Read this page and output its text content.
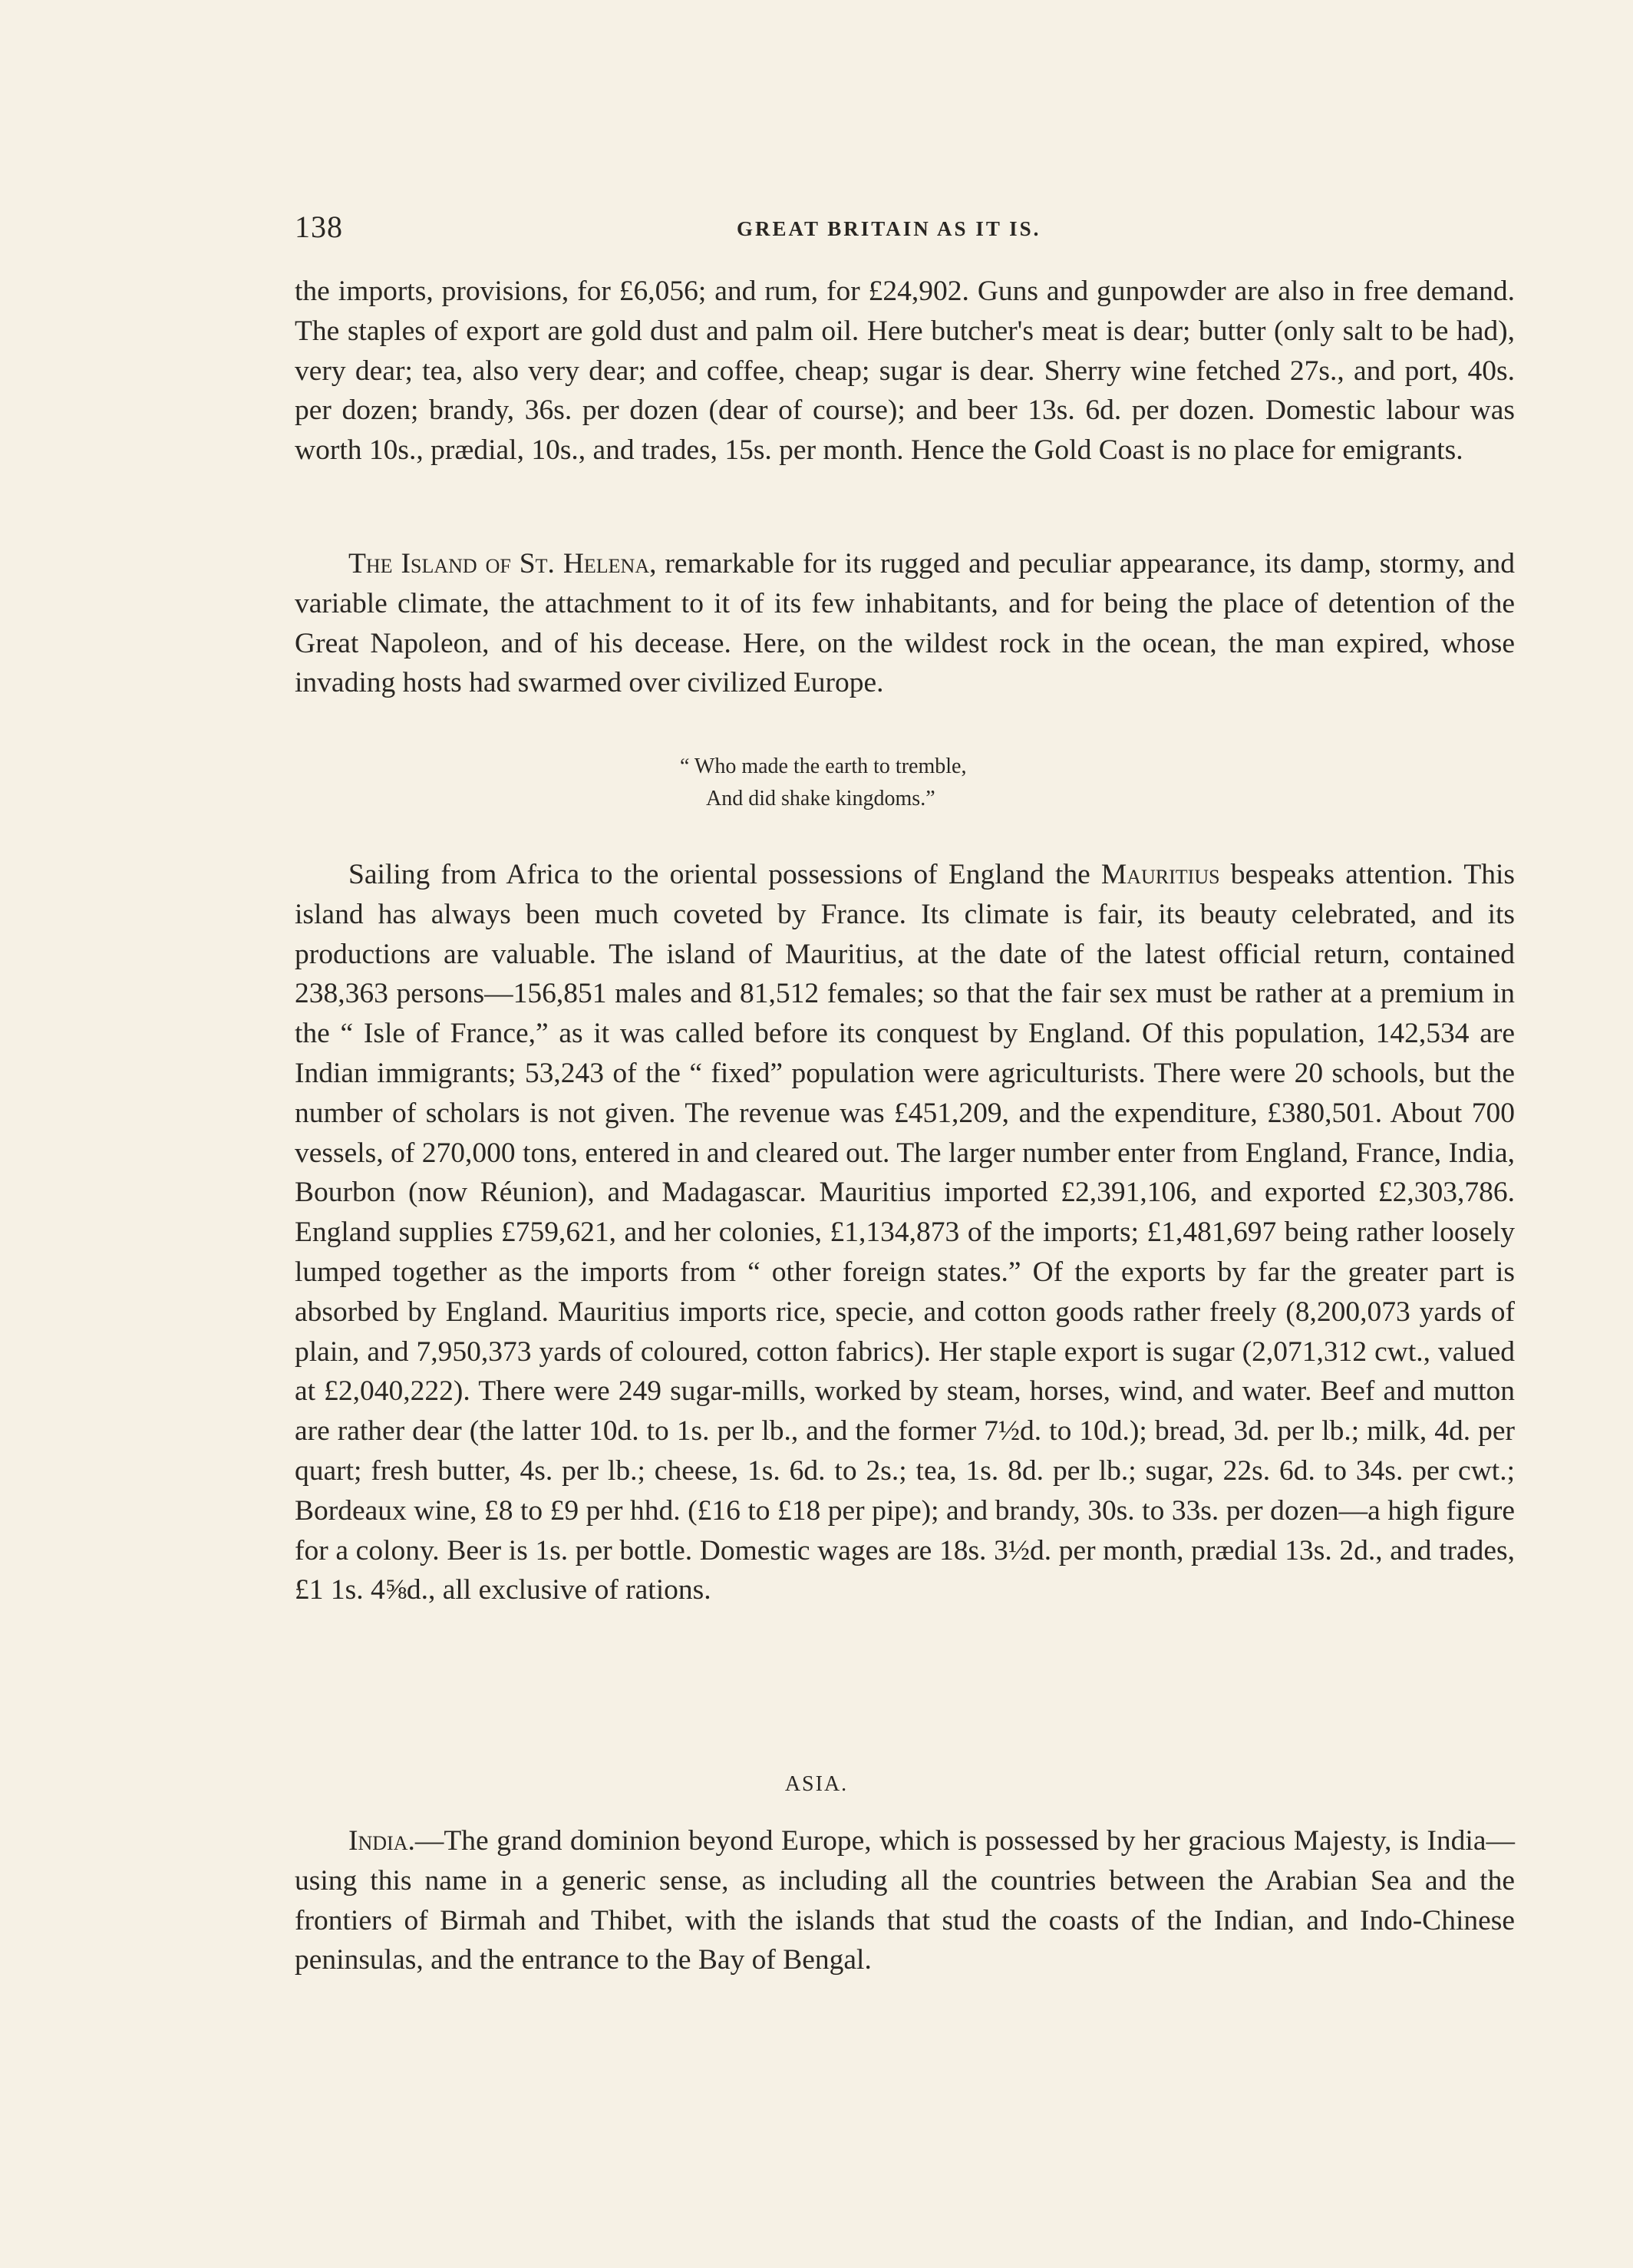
138	GREAT BRITAIN AS IT IS.

the imports, provisions, for £6,056; and rum, for £24,902. Guns and gunpowder are also in free demand. The staples of export are gold dust and palm oil. Here butcher's meat is dear; butter (only salt to be had), very dear; tea, also very dear; and coffee, cheap; sugar is dear. Sherry wine fetched 27s., and port, 40s. per dozen; brandy, 36s. per dozen (dear of course); and beer 13s. 6d. per dozen. Domestic labour was worth 10s., prædial, 10s., and trades, 15s. per month. Hence the Gold Coast is no place for emigrants.

The Island of St. Helena, remarkable for its rugged and peculiar appearance, its damp, stormy, and variable climate, the attachment to it of its few inhabitants, and for being the place of detention of the Great Napoleon, and of his decease. Here, on the wildest rock in the ocean, the man expired, whose invading hosts had swarmed over civilized Europe.

“ Who made the earth to tremble,
And did shake kingdoms.”

Sailing from Africa to the oriental possessions of England the Mauritius bespeaks attention. This island has always been much coveted by France. Its climate is fair, its beauty celebrated, and its productions are valuable. The island of Mauritius, at the date of the latest official return, contained 238,363 persons—156,851 males and 81,512 females; so that the fair sex must be rather at a premium in the “ Isle of France,” as it was called before its conquest by England. Of this population, 142,534 are Indian immigrants; 53,243 of the “ fixed” population were agriculturists. There were 20 schools, but the number of scholars is not given. The revenue was £451,209, and the expenditure, £380,501. About 700 vessels, of 270,000 tons, entered in and cleared out. The larger number enter from England, France, India, Bourbon (now Réunion), and Madagascar. Mauritius imported £2,391,106, and exported £2,303,786. England supplies £759,621, and her colonies, £1,134,873 of the imports; £1,481,697 being rather loosely lumped together as the imports from “ other foreign states.” Of the exports by far the greater part is absorbed by England. Mauritius imports rice, specie, and cotton goods rather freely (8,200,073 yards of plain, and 7,950,373 yards of coloured, cotton fabrics). Her staple export is sugar (2,071,312 cwt., valued at £2,040,222). There were 249 sugar-mills, worked by steam, horses, wind, and water. Beef and mutton are rather dear (the latter 10d. to 1s. per lb., and the former 7½d. to 10d.); bread, 3d. per lb.; milk, 4d. per quart; fresh butter, 4s. per lb.; cheese, 1s. 6d. to 2s.; tea, 1s. 8d. per lb.; sugar, 22s. 6d. to 34s. per cwt.; Bordeaux wine, £8 to £9 per hhd. (£16 to £18 per pipe); and brandy, 30s. to 33s. per dozen—a high figure for a colony. Beer is 1s. per bottle. Domestic wages are 18s. 3½d. per month, prædial 13s. 2d., and trades, £1 1s. 4⅝d., all exclusive of rations.

ASIA.

India.—The grand dominion beyond Europe, which is possessed by her gracious Majesty, is India—using this name in a generic sense, as including all the countries between the Arabian Sea and the frontiers of Birmah and Thibet, with the islands that stud the coasts of the Indian, and Indo-Chinese peninsulas, and the entrance to the Bay of Bengal.
